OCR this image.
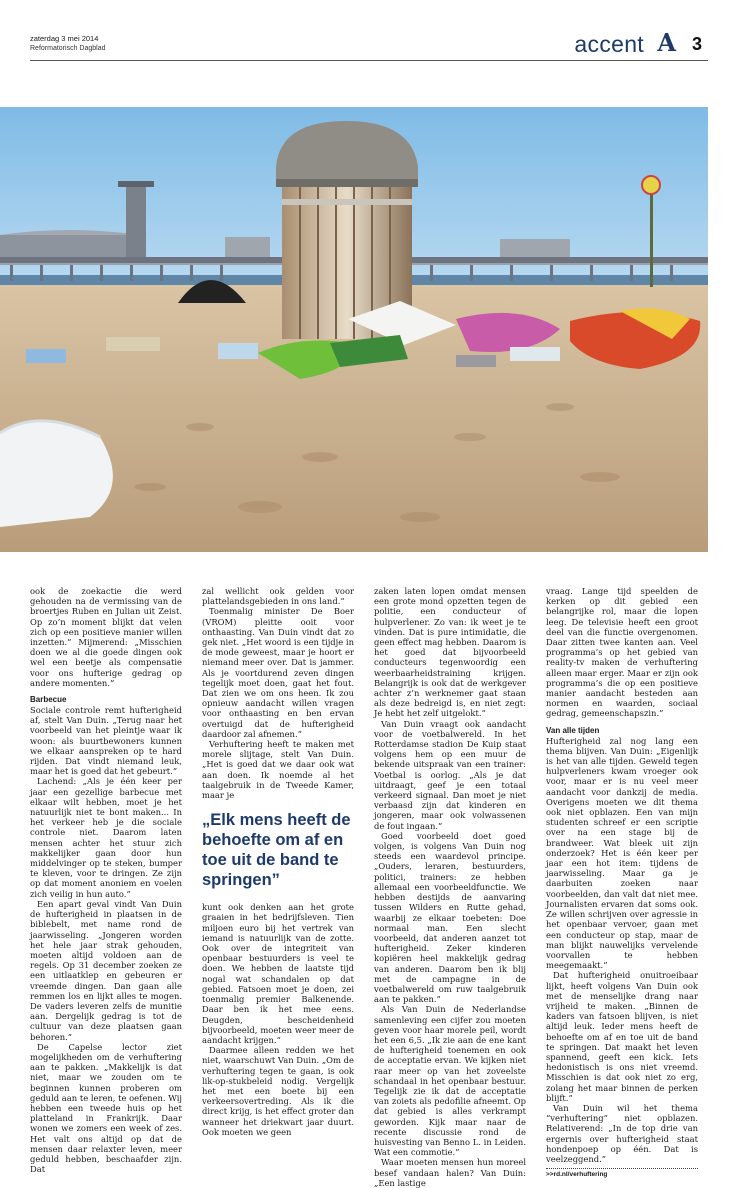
zaterdag 3 mei 2014
Reformatorisch Dagblad	accent A 3

ook de zoekactie die werd gehouden na de vermissing van de broertjes Ruben en Julian uit Zeist. Op zo’n moment blijkt dat velen zich op een positieve manier willen inzetten.” Mijmerend: „Misschien doen we al die goede dingen ook wel een beetje als compensatie voor ons hufterige gedrag op andere momenten.”

Barbecue

Sociale controle remt hufterigheid af, stelt Van Duin. „Terug naar het voorbeeld van het pleintje waar ik woon: als buurtbewoners kunnen we elkaar aanspreken op te hard rijden. Dat vindt niemand leuk, maar het is goed dat het gebeurt.”

Lachend: „Als je één keer per jaar een gezellige barbecue met elkaar wilt hebben, moet je het natuurlijk niet te bont maken... In het verkeer heb je die sociale controle niet. Daarom laten mensen achter het stuur zich makkelijker gaan door hun middelvinger op te steken, bumper te kleven, voor te dringen. Ze zijn op dat moment anoniem en voelen zich veilig in hun auto.”

Een apart geval vindt Van Duin de hufterigheid in plaatsen in de biblebelt, met name rond de jaarwisseling. „Jongeren worden het hele jaar strak gehouden, moeten altijd voldoen aan de regels. Op 31 december zoeken ze een uitlaatklep en gebeuren er vreemde dingen. Dan gaan alle remmen los en lijkt alles te mogen. De vaders leveren zelfs de munitie aan. Dergelijk gedrag is tot de cultuur van deze plaatsen gaan behoren.”

De Capelse lector ziet mogelijkheden om de verhuftering aan te pakken. „Makkelijk is dat niet, maar we zouden om te beginnen kunnen proberen om geduld aan te leren, te oefenen. Wij hebben een tweede huis op het platteland in Frankrijk. Daar wonen we zomers een week of zes. Het valt ons altijd op dat de mensen daar relaxter leven, meer geduld hebben, beschaafder zijn. Dat

zal wellicht ook gelden voor plattelandsgebieden in ons land.”

Toenmalig minister De Boer (VROM) pleitte ooit voor onthaasting. Van Duin vindt dat zo gek niet. „Het woord is een tijdje in de mode geweest, maar je hoort er niemand meer over. Dat is jammer. Als je voortdurend zeven dingen tegelijk moet doen, gaat het fout. Dat zien we om ons heen. Ik zou opnieuw aandacht willen vragen voor onthaasting en ben ervan overtuigd dat de hufterigheid daardoor zal afnemen.”

Verhuftering heeft te maken met morele slijtage, stelt Van Duin. „Het is goed dat we daar ook wat aan doen. Ik noemde al het taalgebruik in de Tweede Kamer, maar je

„Elk mens heeft de behoefte om af en toe uit de band te springen”

kunt ook denken aan het grote graaien in het bedrijfsleven. Tien miljoen euro bij het vertrek van iemand is natuurlijk van de zotte. Ook over de integriteit van openbaar bestuurders is veel te doen. We hebben de laatste tijd nogal wat schandalen op dat gebied. Fatsoen moet je doen, zei toenmalig premier Balkenende. Daar ben ik het mee eens. Deugden, bescheidenheid bijvoorbeeld, moeten weer meer de aandacht krijgen.”

Daarmee alleen redden we het niet, waarschuwt Van Duin. „Om de verhuftering tegen te gaan, is ook lik-op-stukbeleid nodig. Vergelijk het met een boete bij een verkeersovertreding. Als ik die direct krijg, is het effect groter dan wanneer het driekwart jaar duurt. Ook moeten we geen

zaken laten lopen omdat mensen een grote mond opzetten tegen de politie, een conducteur of hulpverlener. Zo van: ik weet je te vinden. Dat is pure intimidatie, die geen effect mag hebben. Daarom is het goed dat bijvoorbeeld conducteurs tegenwoordig een weerbaarheidstraining krijgen. Belangrijk is ook dat de werkgever achter z’n werknemer gaat staan als deze bedreigd is, en niet zegt: Je hebt het zelf uitgelokt.”

Van Duin vraagt ook aandacht voor de voetbalwereld. In het Rotterdamse stadion De Kuip staat volgens hem op een muur de bekende uitspraak van een trainer: Voetbal is oorlog. „Als je dat uitdraagt, geef je een totaal verkeerd signaal. Dan moet je niet verbaasd zijn dat kinderen en jongeren, maar ook volwassenen de fout ingaan.”

Goed voorbeeld doet goed volgen, is volgens Van Duin nog steeds een waardevol principe. „Ouders, leraren, bestuurders, politici, trainers: ze hebben allemaal een voorbeeldfunctie. We hebben destijds de aanvaring tussen Wilders en Rutte gehad, waarbij ze elkaar toebeten: Doe normaal man. Een slecht voorbeeld, dat anderen aanzet tot hufterigheid. Zeker kinderen kopiëren heel makkelijk gedrag van anderen. Daarom ben ik blij met de campagne in de voetbalwereld om ruw taalgebruik aan te pakken.”

Als Van Duin de Nederlandse samenleving een cijfer zou moeten geven voor haar morele peil, wordt het een 6,5. „Ik zie aan de ene kant de hufterigheid toenemen en ook de acceptatie ervan. We kijken niet raar meer op van het zoveelste schandaal in het openbaar bestuur. Tegelijk zie ik dat de acceptatie van zoiets als pedofilie afneemt. Op dat gebied is alles verkrampt geworden. Kijk maar naar de recente discussie rond de huisvesting van Benno L. in Leiden. Wat een commotie.”

Waar moeten mensen hun moreel besef vandaan halen? Van Duin: „Een lastige

vraag. Lange tijd speelden de kerken op dit gebied een belangrijke rol, maar die lopen leeg. De televisie heeft een groot deel van die functie overgenomen. Daar zitten twee kanten aan. Veel programma’s op het gebied van reality-tv maken de verhuftering alleen maar erger. Maar er zijn ook programma’s die op een positieve manier aandacht besteden aan normen en waarden, sociaal gedrag, gemeenschapszin.”

Van alle tijden

Hufterigheid zal nog lang een thema blijven. Van Duin: „Eigenlijk is het van alle tijden. Geweld tegen hulpverleners kwam vroeger ook voor, maar er is nu veel meer aandacht voor dankzij de media. Overigens moeten we dit thema ook niet opblazen. Een van mijn studenten schreef er een scriptie over na een stage bij de brandweer. Wat bleek uit zijn onderzoek? Het is één keer per jaar een hot item: tijdens de jaarwisseling. Maar ga je daarbuiten zoeken naar voorbeelden, dan valt dat niet mee. Journalisten ervaren dat soms ook. Ze willen schrijven over agressie in het openbaar vervoer, gaan met een conducteur op stap, maar de man blijkt nauwelijks vervelende voorvallen te hebben meegemaakt.”

Dat hufterigheid onuitroeibaar lijkt, heeft volgens Van Duin ook met de menselijke drang naar vrijheid te maken. „Binnen de kaders van fatsoen blijven, is niet altijd leuk. Ieder mens heeft de behoefte om af en toe uit de band te springen. Dat maakt het leven spannend, geeft een kick. Iets hedonistisch is ons niet vreemd. Misschien is dat ook niet zo erg, zolang het maar binnen de perken blijft.”

Van Duin wil het thema “verhuftering” niet opblazen. Relativerend: „In de top drie van ergernis over hufterigheid staat hondenpoep op één. Dat is veelzeggend.”

>>rd.nl/verhuftering
